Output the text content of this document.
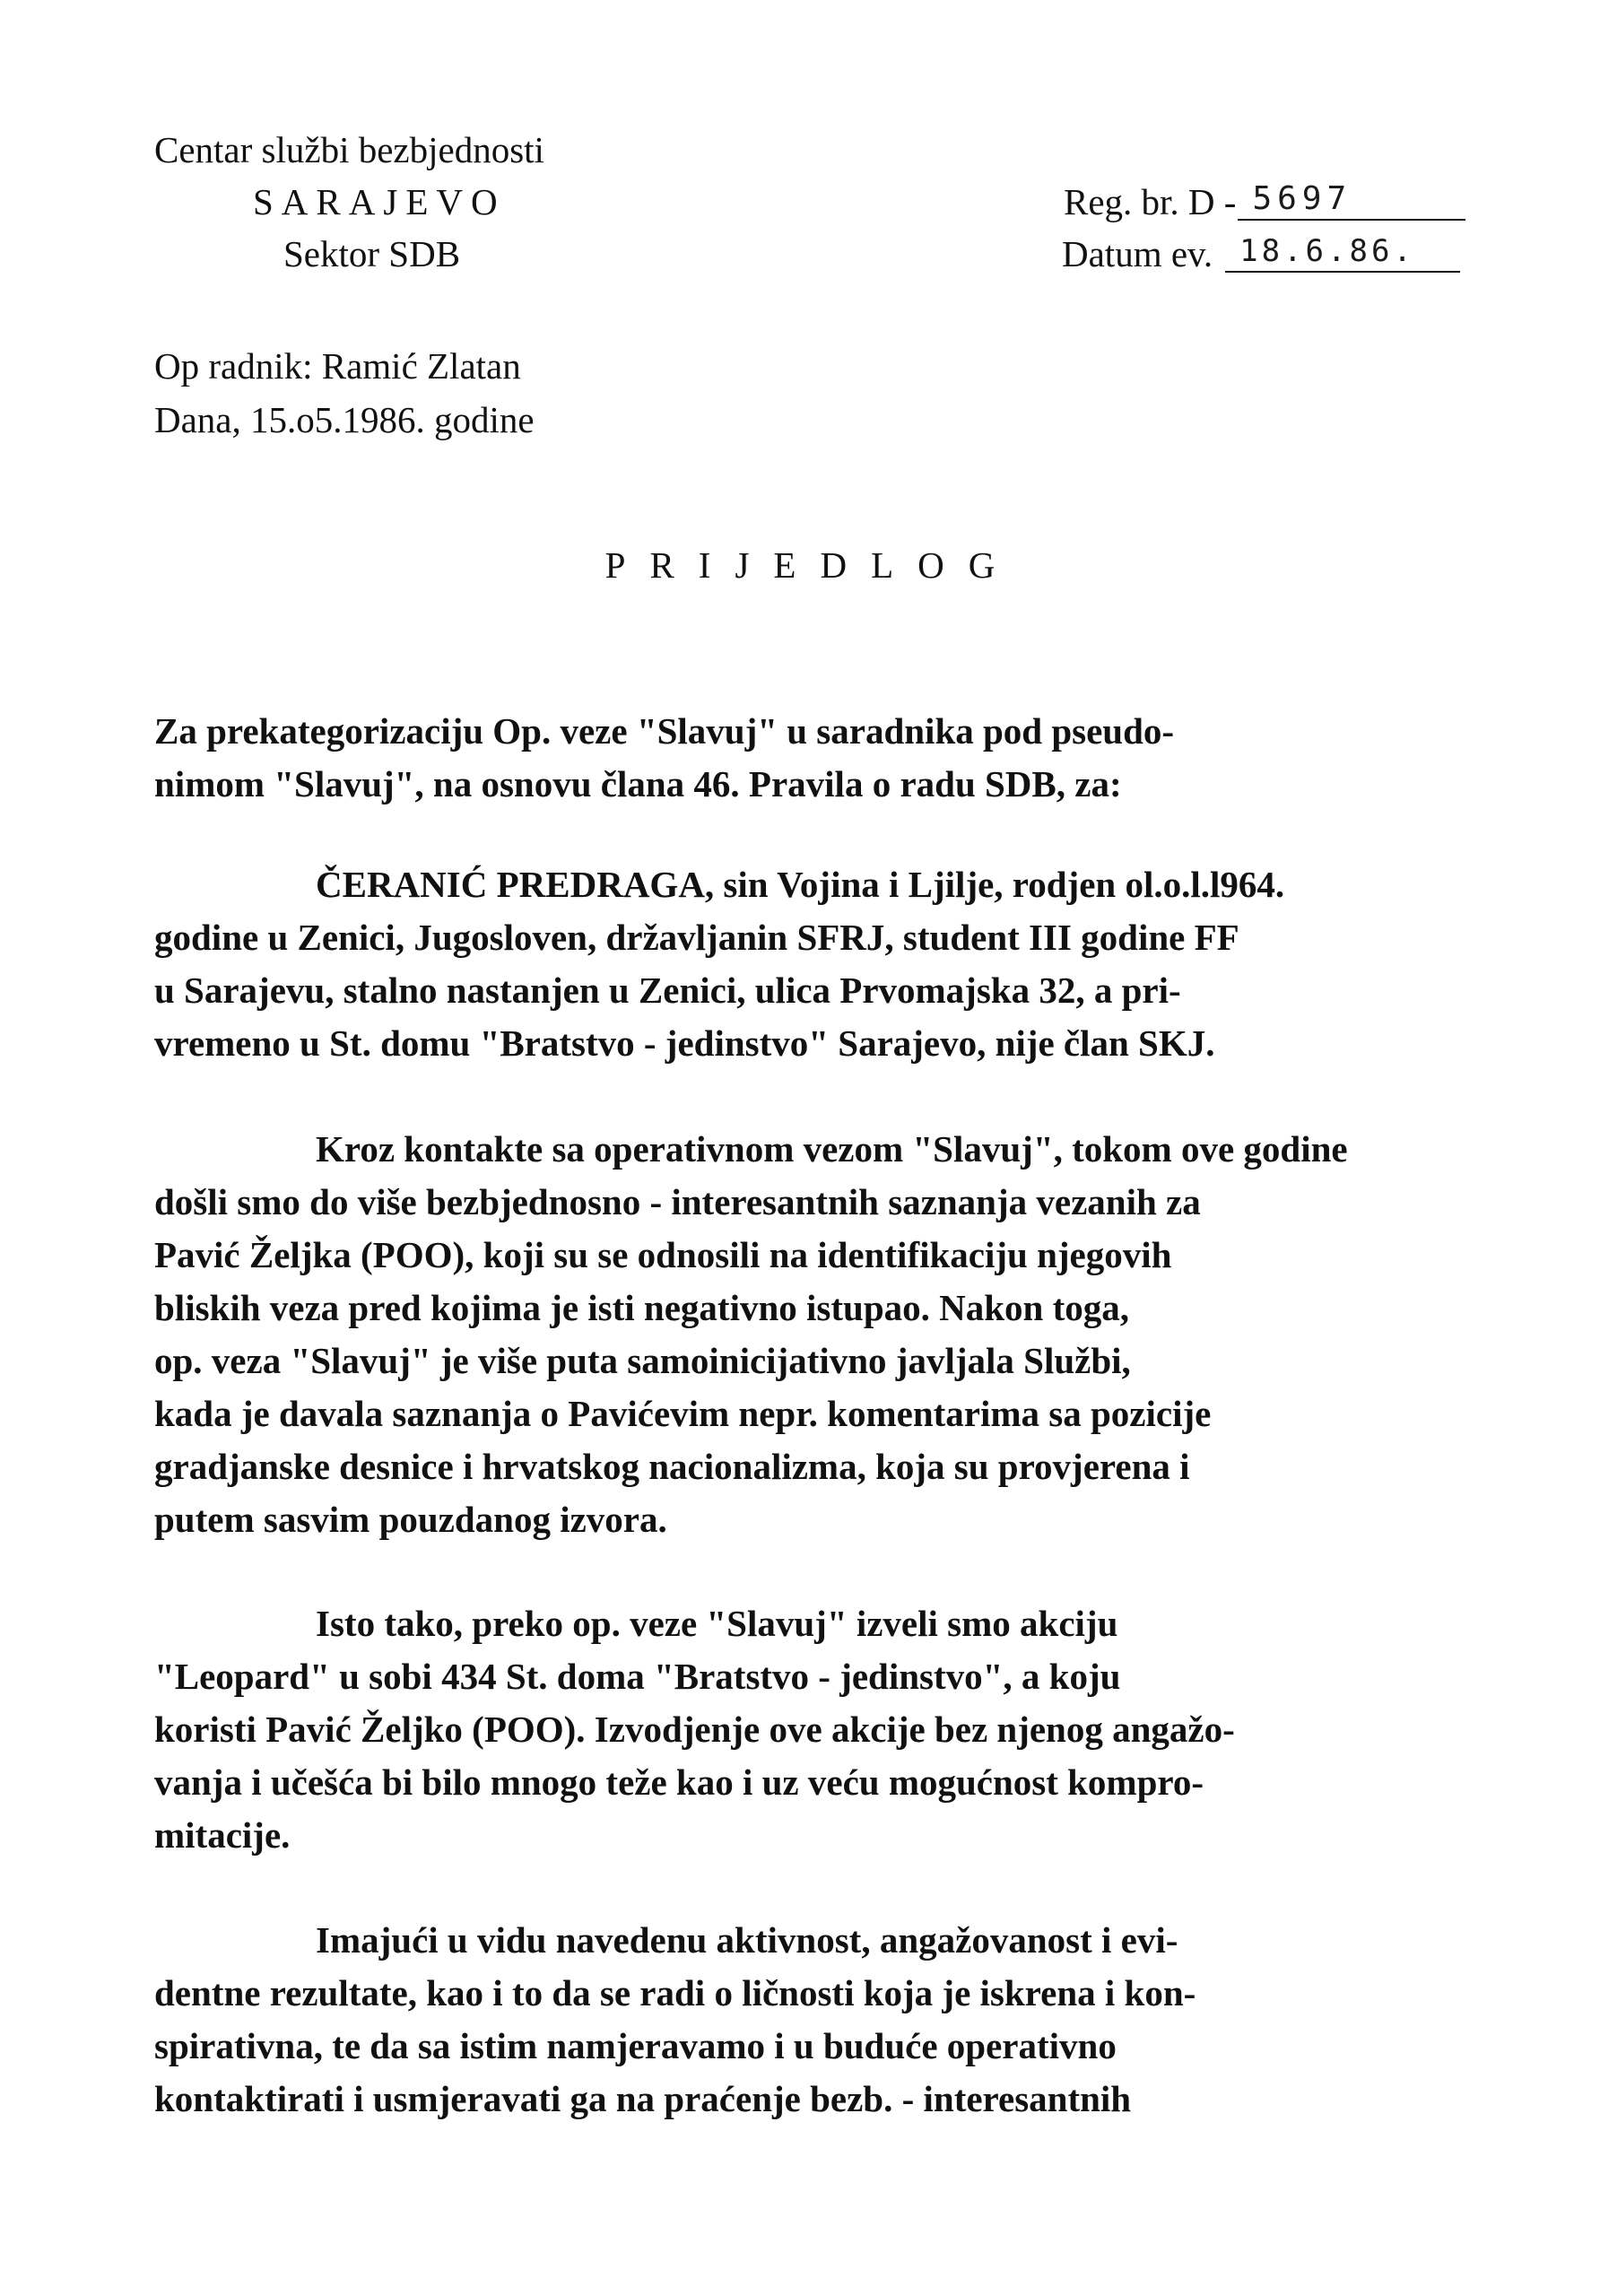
Centar službi bezbjednosti
SARAJEVO
Sektor SDB
Reg. br. D - 5697
Datum ev. 18.6.86.
Op radnik: Ramić Zlatan
Dana, 15.o5.1986. godine
PRIJEDLOG
Za prekategorizaciju Op. veze "Slavuj" u saradnika pod pseudo-
nimom "Slavuj", na osnovu člana 46. Pravila o radu SDB, za:
ČERANIĆ PREDRAGA, sin Vojina i Ljilje, rodjen ol.o.l.l964.
godine u Zenici, Jugosloven, državljanin SFRJ, student III godine FF
u Sarajevu, stalno nastanjen u Zenici, ulica Prvomajska 32, a pri-
vremeno u St. domu "Bratstvo - jedinstvo" Sarajevo, nije član SKJ.
Kroz kontakte sa operativnom vezom "Slavuj", tokom ove godine
došli smo do više bezbjednosno - interesantnih saznanja vezanih za
Pavić Željka (POO), koji su se odnosili na identifikaciju njegovih
bliskih veza pred kojima je isti negativno istupao. Nakon toga,
op. veza "Slavuj" je više puta samoinicijativno javljala Službi,
kada je davala saznanja o Pavićevim nepr. komentarima sa pozicije
gradjanske desnice i hrvatskog nacionalizma, koja su provjerena i
putem sasvim pouzdanog izvora.
Isto tako, preko op. veze "Slavuj" izveli smo akciju
"Leopard" u sobi 434 St. doma "Bratstvo - jedinstvo", a koju
koristi Pavić Željko (POO). Izvodjenje ove akcije bez njenog angažo-
vanja i učešća bi bilo mnogo teže kao i uz veću mogućnost kompro-
mitacije.
Imajući u vidu navedenu aktivnost, angažovanost i evi-
dentne rezultate, kao i to da se radi o ličnosti koja je iskrena i kon-
spirativna, te da sa istim namjeravamo i u buduće operativno
kontaktirati i usmjeravati ga na praćenje bezb. - interesantnih
